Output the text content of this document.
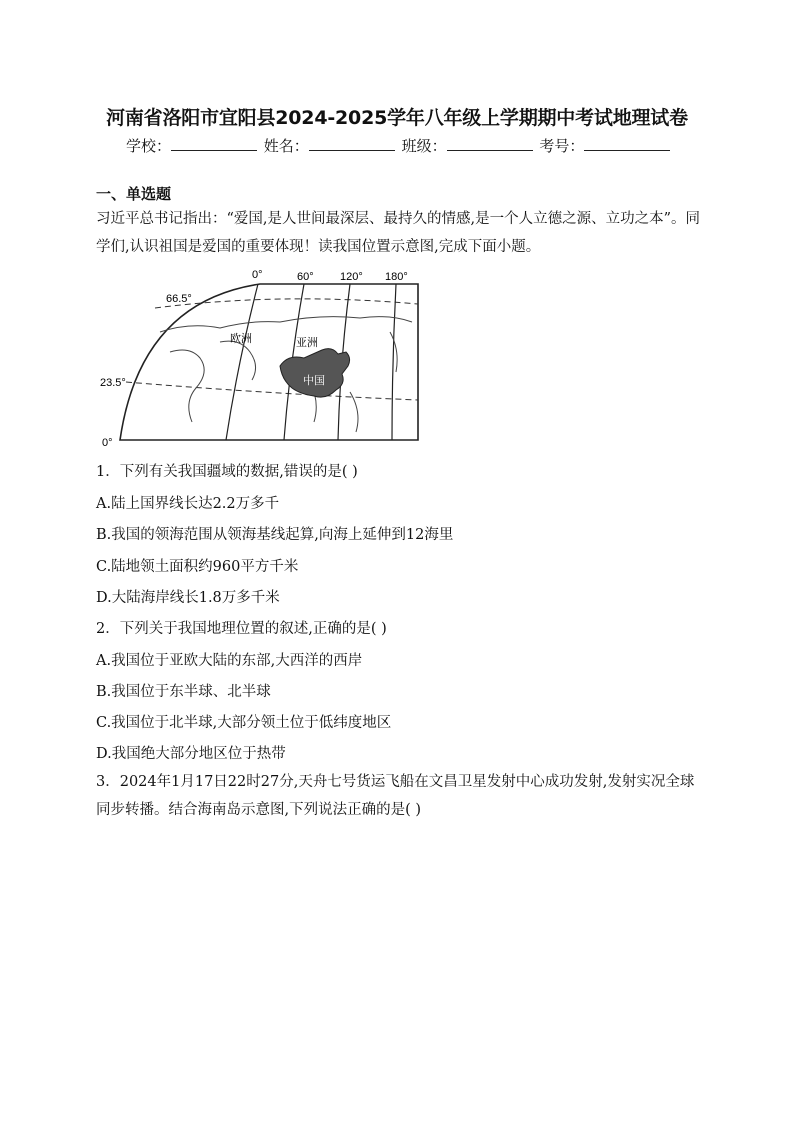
河南省洛阳市宜阳县2024-2025学年八年级上学期期中考试地理试卷
学校：	姓名：	班级：	考号：
一、单选题
习近平总书记指出：“爱国,是人世间最深层、最持久的情感,是一个人立德之源、立功之本”。同学们,认识祖国是爱国的重要体现！读我国位置示意图,完成下面小题。
0°	60° 120° 180°
66.5°
23.5°
0°
欧洲	亚洲
中国
1．下列有关我国疆域的数据,错误的是( )
A.陆上国界线长达2.2万多千
B.我国的领海范围从领海基线起算,向海上延伸到12海里
C.陆地领土面积约960平方千米
D.大陆海岸线长1.8万多千米
2．下列关于我国地理位置的叙述,正确的是( )
A.我国位于亚欧大陆的东部,大西洋的西岸
B.我国位于东半球、北半球
C.我国位于北半球,大部分领土位于低纬度地区
D.我国绝大部分地区位于热带
3．2024年1月17日22时27分,天舟七号货运飞船在文昌卫星发射中心成功发射,发射实况全球同步转播。结合海南岛示意图,下列说法正确的是( )
